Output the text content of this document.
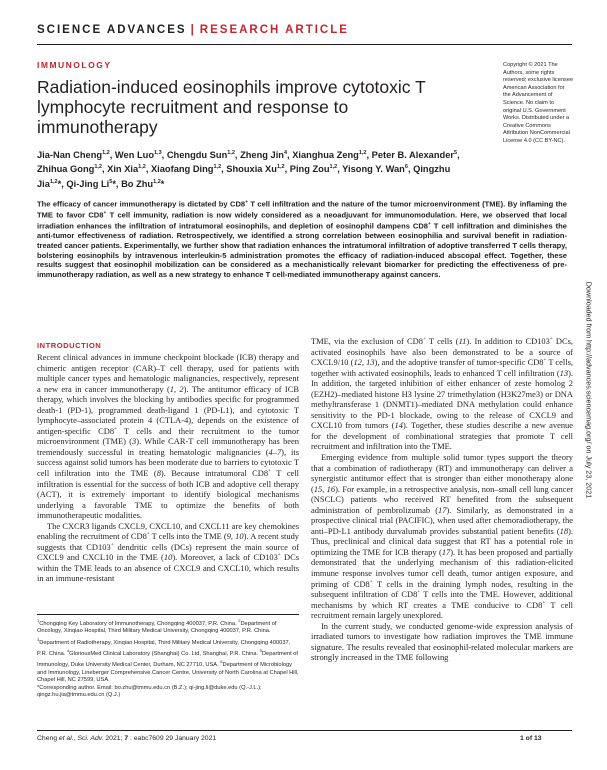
SCIENCE ADVANCES | RESEARCH ARTICLE
IMMUNOLOGY
Radiation-induced eosinophils improve cytotoxic T lymphocyte recruitment and response to immunotherapy
Copyright © 2021 The Authors, some rights reserved; exclusive licensee American Association for the Advancement of Science. No claim to original U.S. Government Works. Distributed under a Creative Commons Attribution NonCommercial License 4.0 (CC BY-NC).
Jia-Nan Cheng$^{1,2}$, Wen Luo$^{1,3}$, Chengdu Sun$^{1,2}$, Zheng Jin$^4$, Xianghua Zeng$^{1,2}$, Peter B. Alexander$^5$, Zhihua Gong$^{1,2}$, Xin Xia$^{1,2}$, Xiaofang Ding$^{1,2}$, Shouxia Xu$^{1,2}$, Ping Zou$^{1,2}$, Yisong Y. Wan$^6$, Qingzhu Jia$^{1,2}$*, Qi-Jing Li$^5$*, Bo Zhu$^{1,2}$*
The efficacy of cancer immunotherapy is dictated by CD8+ T cell infiltration and the nature of the tumor microenvironment (TME). By inflaming the TME to favor CD8+ T cell immunity, radiation is now widely considered as a neoadjuvant for immunomodulation. Here, we observed that local irradiation enhances the infiltration of intratumoral eosinophils, and depletion of eosinophil dampens CD8+ T cell infiltration and diminishes the anti-tumor effectiveness of radiation. Retrospectively, we identified a strong correlation between eosinophilia and survival benefit in radiation-treated cancer patients. Experimentally, we further show that radiation enhances the intratumoral infiltration of adoptive transferred T cells therapy, bolstering eosinophils by intravenous interleukin-5 administration promotes the efficacy of radiation-induced abscopal effect. Together, these results suggest that eosinophil mobilization can be considered as a mechanistically relevant biomarker for predicting the effectiveness of pre-immunotherapy radiation, as well as a new strategy to enhance T cell-mediated immunotherapy against cancers.
INTRODUCTION

Recent clinical advances in immune checkpoint blockade (ICB) therapy and chimeric antigen receptor (CAR)–T cell therapy, used for patients with multiple cancer types and hematologic malignancies, respectively, represent a new era in cancer immunotherapy (1, 2). The antitumor efficacy of ICB therapy, which involves the blocking by antibodies specific for programmed death-1 (PD-1), programmed death-ligand 1 (PD-L1), and cytotoxic T lymphocyte–associated protein 4 (CTLA-4), depends on the existence of antigen-specific CD8+ T cells and their recruitment to the tumor microenvironment (TME) (3). While CAR-T cell immunotherapy has been tremendously successful in treating hematologic malignancies (4–7), its success against solid tumors has been moderate due to barriers to cytotoxic T cell infiltration into the TME (8). Because intratumoral CD8+ T cell infiltration is essential for the success of both ICB and adoptive cell therapy (ACT), it is extremely important to identify biological mechanisms underlying a favorable TME to optimize the benefits of both immunotherapeutic modalities.

The CXCR3 ligands CXCL9, CXCL10, and CXCL11 are key chemokines enabling the recruitment of CD8+ T cells into the TME (9, 10). A recent study suggests that CD103+ dendritic cells (DCs) represent the main source of CXCL9 and CXCL10 in the TME (10). Moreover, a lack of CD103+ DCs within the TME leads to an absence of CXCL9 and CXCL10, which results in an immune-resistant

TME, via the exclusion of CD8+ T cells (11). In addition to CD103+ DCs, activated eosinophils have also been demonstrated to be a source of CXCL9/10 (12, 13), and the adoptive transfer of tumor-specific CD8+ T cells, together with activated eosinophils, leads to enhanced T cell infiltration (13). In addition, the targeted inhibition of either enhancer of zeste homolog 2 (EZH2)–mediated histone H3 lysine 27 trimethylation (H3K27me3) or DNA methyltransferase 1 (DNMT1)–mediated DNA methylation could enhance sensitivity to the PD-1 blockade, owing to the release of CXCL9 and CXCL10 from tumors (14). Together, these studies describe a new avenue for the development of combinational strategies that promote T cell recruitment and infiltration into the TME.

Emerging evidence from multiple solid tumor types support the theory that a combination of radiotherapy (RT) and immunotherapy can deliver a synergistic antitumor effect that is stronger than either monotherapy alone (15, 16). For example, in a retrospective analysis, non–small cell lung cancer (NSCLC) patients who received RT benefited from the subsequent administration of pembrolizumab (17). Similarly, as demonstrated in a prospective clinical trial (PACIFIC), when used after chemoradiotherapy, the anti–PD-L1 antibody durvalumab provides substantial patient benefits (18). Thus, preclinical and clinical data suggest that RT has a potential role in optimizing the TME for ICB therapy (17). It has been proposed and partially demonstrated that the underlying mechanism of this radiation-elicited immune response involves tumor cell death, tumor antigen exposure, and priming of CD8+ T cells in the draining lymph nodes, resulting in the subsequent infiltration of CD8+ T cells into the TME. However, additional mechanisms by which RT creates a TME conducive to CD8+ T cell recruitment remain largely unexplored.

In the current study, we conducted genome-wide expression analysis of irradiated tumors to investigate how radiation improves the TME immune signature. The results revealed that eosinophil-related molecular markers are strongly increased in the TME following

$^1$Chongqing Key Laboratory of Immunotherapy, Chongqing 400037, P.R. China. $^2$Department of Oncology, Xinqiao Hospital, Third Military Medical University, Chongqing 400037, P.R. China. $^3$Department of Radiotherapy, Xinqiao Hospital, Third Military Medical University, Chongqing 400037, P.R. China. $^4$GloriousMed Clinical Laboratory (Shanghai) Co. Ltd, Shanghai, P.R. China. $^5$Department of Immunology, Duke University Medical Center, Durham, NC 27710, USA. $^6$Department of Microbiology and Immunology, Lineberger Comprehensive Cancer Centre, University of North Carolina at Chapel Hill, Chapel Hill, NC 27599, USA.
*Corresponding author. Email: bo.zhu@tmmu.edu.cn (B.Z.); qi-jing.li@duke.edu (Q.-J.L.); qingz.hu.jia@tmmu.edu.cn (Q.J.)
Cheng et al., Sci. Adv. 2021; 7 : eabc7609 29 January 2021	1 of 13
Downloaded from http://advances.sciencemag.org/ on July 23, 2021
